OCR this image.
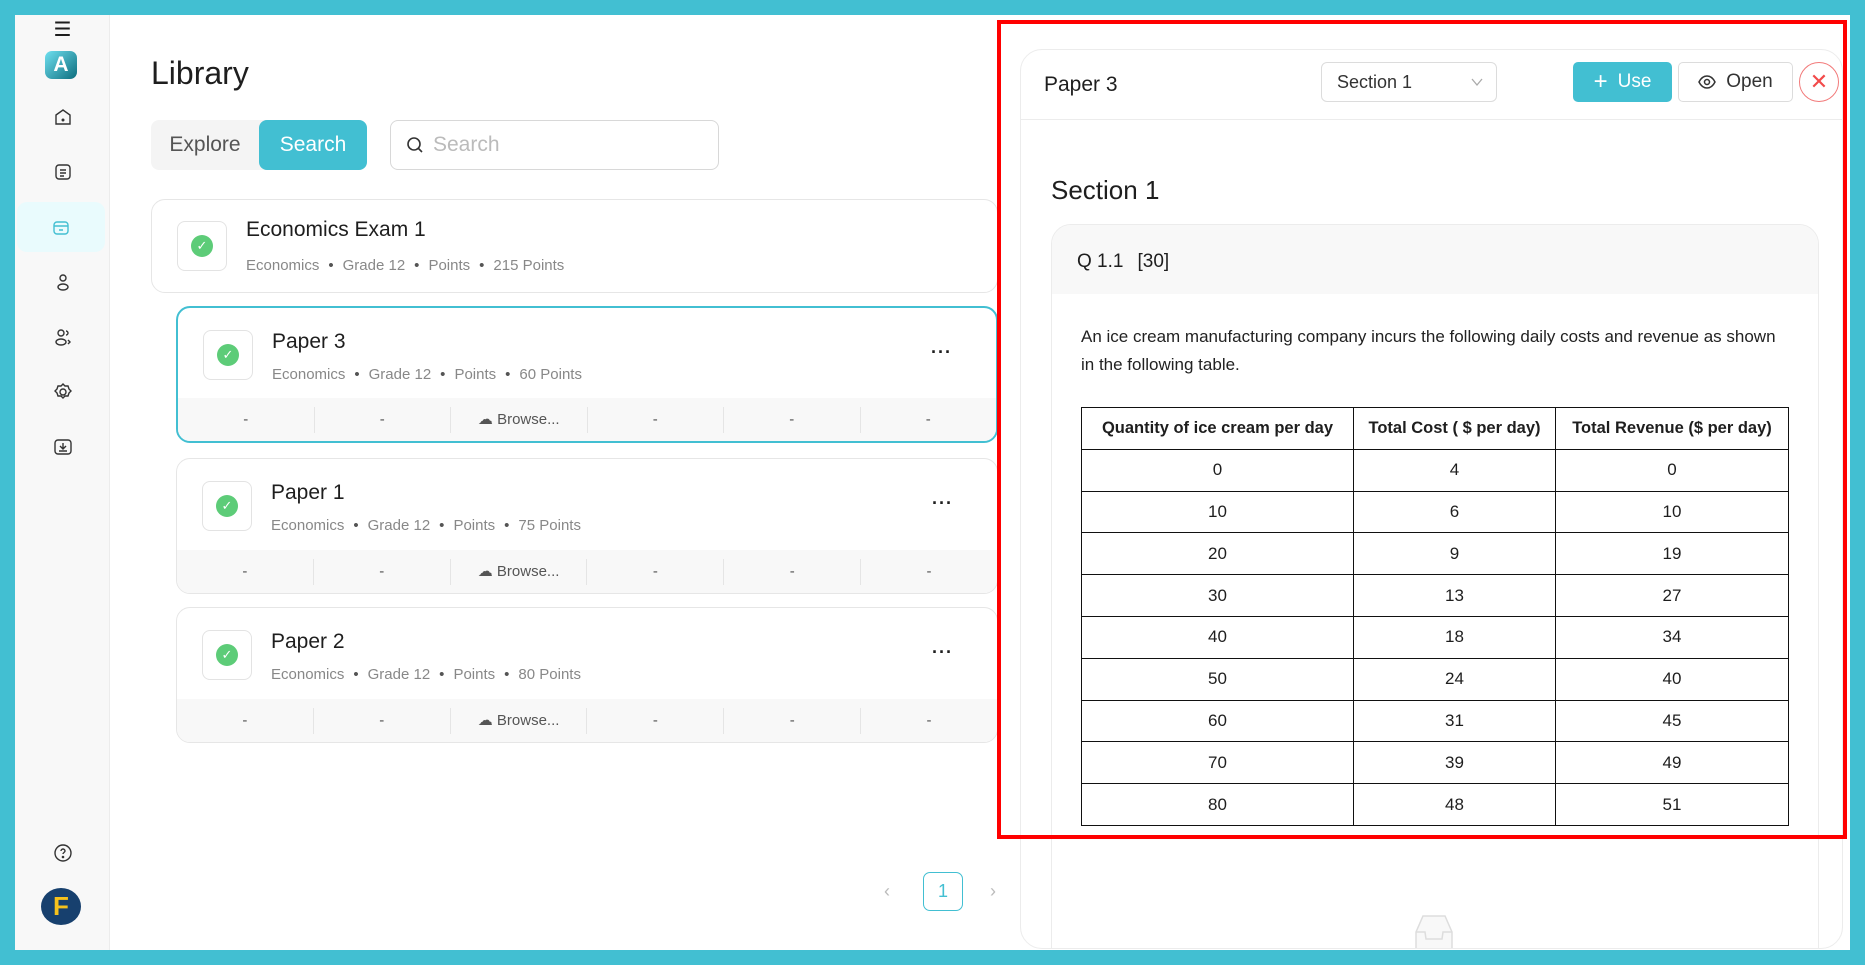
☰
A
F
Library
Explore	Search
Search
✓
Economics Exam 1
Economics • Grade 12 • Points • 215 Points
✓
Paper 3
Economics • Grade 12 • Points • 60 Points
···
-	-	☁︎ Browse...	-	-	-
✓
Paper 1
Economics • Grade 12 • Points • 75 Points
···
-	-	☁︎ Browse...	-	-	-
✓
Paper 2
Economics • Grade 12 • Points • 80 Points
···
-	-	☁︎ Browse...	-	-	-
‹	1	›
Paper 3	Section 1	+ Use	Open	✕
Section 1
Q 1.1 [30]
An ice cream manufacturing company incurs the following daily costs and revenue as shown in the following table.
Quantity of ice cream per day	Total Cost ( $ per day)	Total Revenue ($ per day)
0	4	0
10	6	10
20	9	19
30	13	27
40	18	34
50	24	40
60	31	45
70	39	49
80	48	51
